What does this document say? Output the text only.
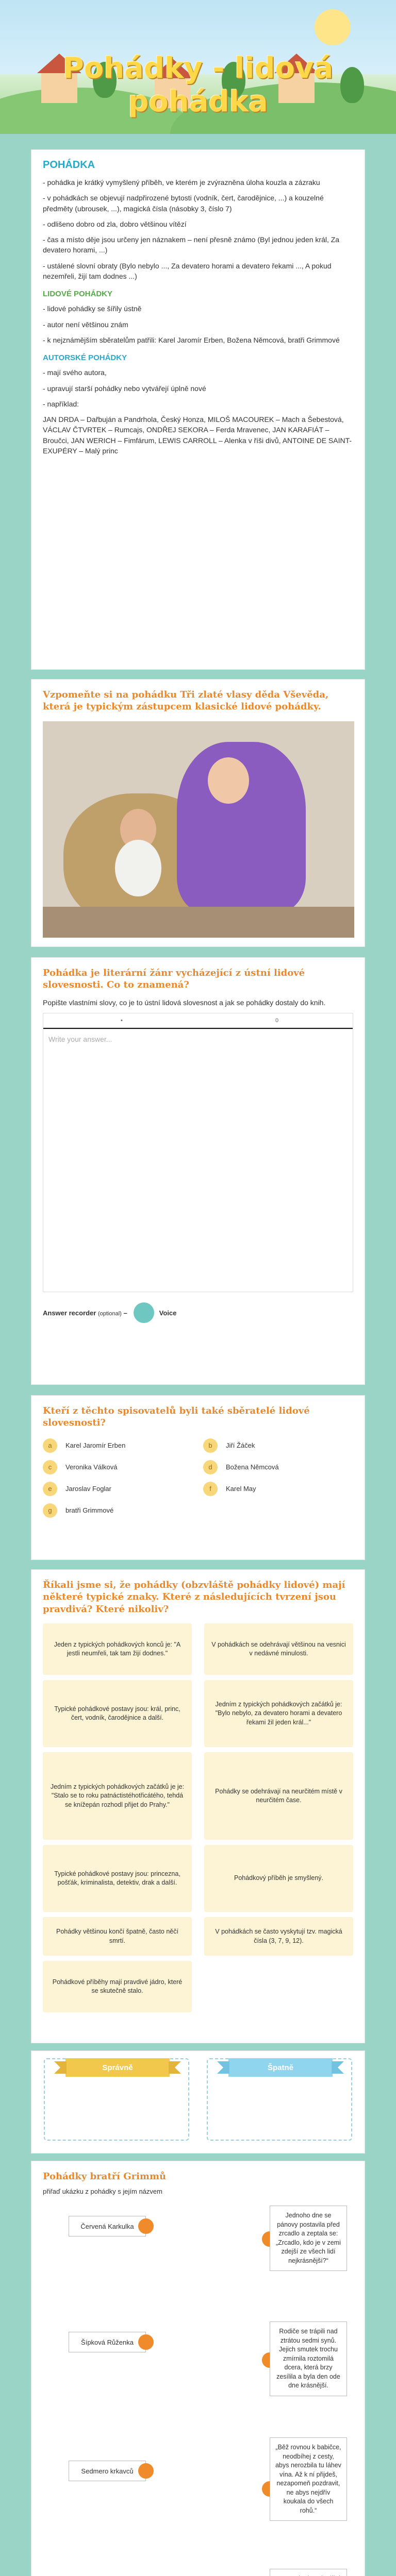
Pohádky - lidová pohádka
POHÁDKA

- pohádka je krátký vymyšlený příběh, ve kterém je zvýrazněna úloha kouzla a zázraku

- v pohádkách se objevují nadpřirozené bytosti (vodník, čert, čarodějnice, ...) a kouzelné předměty (ubrousek, ...), magická čísla (násobky 3, číslo 7)

- odlišeno dobro od zla, dobro většinou vítězí

- čas a místo děje jsou určeny jen náznakem – není přesně známo (Byl jednou jeden král, Za devatero horami, ...)

- ustálené slovní obraty (Bylo nebylo ..., Za devatero horami a devatero řekami ..., A pokud nezemřeli, žijí tam dodnes ...)

LIDOVÉ POHÁDKY

- lidové pohádky se šířily ústně

- autor není většinou znám

- k nejznámějším sběratelům patřili: Karel Jaromír Erben, Božena Němcová, bratři Grimmové

AUTORSKÉ POHÁDKY

- mají svého autora,

- upravují starší pohádky nebo vytvářejí úplně nové

- například:

JAN DRDA – Dařbuján a Pandrhola, Český Honza, MILOŠ MACOUREK – Mach a Šebestová, VÁCLAV ČTVRTEK – Rumcajs, ONDŘEJ SEKORA – Ferda Mravenec, JAN KARAFIÁT – Broučci, JAN WERICH – Fimfárum, LEWIS CARROLL – Alenka v říši divů, ANTOINE DE SAINT-EXUPÉRY – Malý princ

Vzpomeňte si na pohádku Tři zlaté vlasy děda Vševěda, která je typickým zástupcem klasické lidové pohádky.
Pohádka je literární žánr vycházející z ústní lidové slovesnosti. Co to znamená?
Popište vlastními slovy, co je to ústní lidová slovesnost a jak se pohádky dostaly do knih.
•	0
Write your answer...
Answer recorder (optional) –	Voice
Kteří z těchto spisovatelů byli také sběratelé lidové slovesnosti?
a	Karel Jaromír Erben	b	Jiří Žáček
c	Veronika Válková	d	Božena Němcová
e	Jaroslav Foglar	f	Karel May
g	bratři Grimmové
Říkali jsme si, že pohádky (obzvláště pohádky lidové) mají některé typické znaky. Které z následujících tvrzení jsou pravdivá? Které nikoliv?
Jeden z typických pohádkových konců je: "A jestli neumřeli, tak tam žijí dodnes."
V pohádkách se odehrávají většinou na vesnici v nedávné minulosti.
Typické pohádkové postavy jsou: král, princ, čert, vodník, čarodějnice a další.
Jedním z typických pohádkových začátků je: "Bylo nebylo, za devatero horami a devatero řekami žil jeden král..."
Jedním z typických pohádkových začátků je je: "Stalo se to roku patnáctistéhotřicátého, tehdá se knížepán rozhodl přijet do Prahy."
Pohádky se odehrávají na neurčitém místě v neurčitém čase.
Typické pohádkové postavy jsou: princezna, pošťák, kriminalista, detektiv, drak a další.
Pohádkový příběh je smyšlený.
Pohádky většinou končí špatně, často něčí smrtí.
V pohádkách se často vyskytují tzv. magická čísla (3, 7, 9, 12).
Pohádkové příběhy mají pravdivé jádro, které se skutečně stalo.
Správně	Špatně
Pohádky bratří Grimmů
přiřaď ukázku z pohádky s jejím názvem
Červená Karkulka
Jednoho dne se pánovy postavila před zrcadlo a zeptala se: „Zrcadlo, kdo je v zemi zdejší ze všech lidí nejkrásnější?“
Šípková Růženka
Rodiče se trápili nad ztrátou sedmi synů. Jejich smutek trochu zmírnila roztomilá dcera, která brzy zesílila a byla den ode dne krásnější.
Sedmero krkavců
„Běž rovnou k babičce, neodbíhej z cesty, abys nerozbila tu láhev vína. Až k ní přijdeš, nezapomeň pozdravit, ne abys nejdřív koukala do všech rohů.“
